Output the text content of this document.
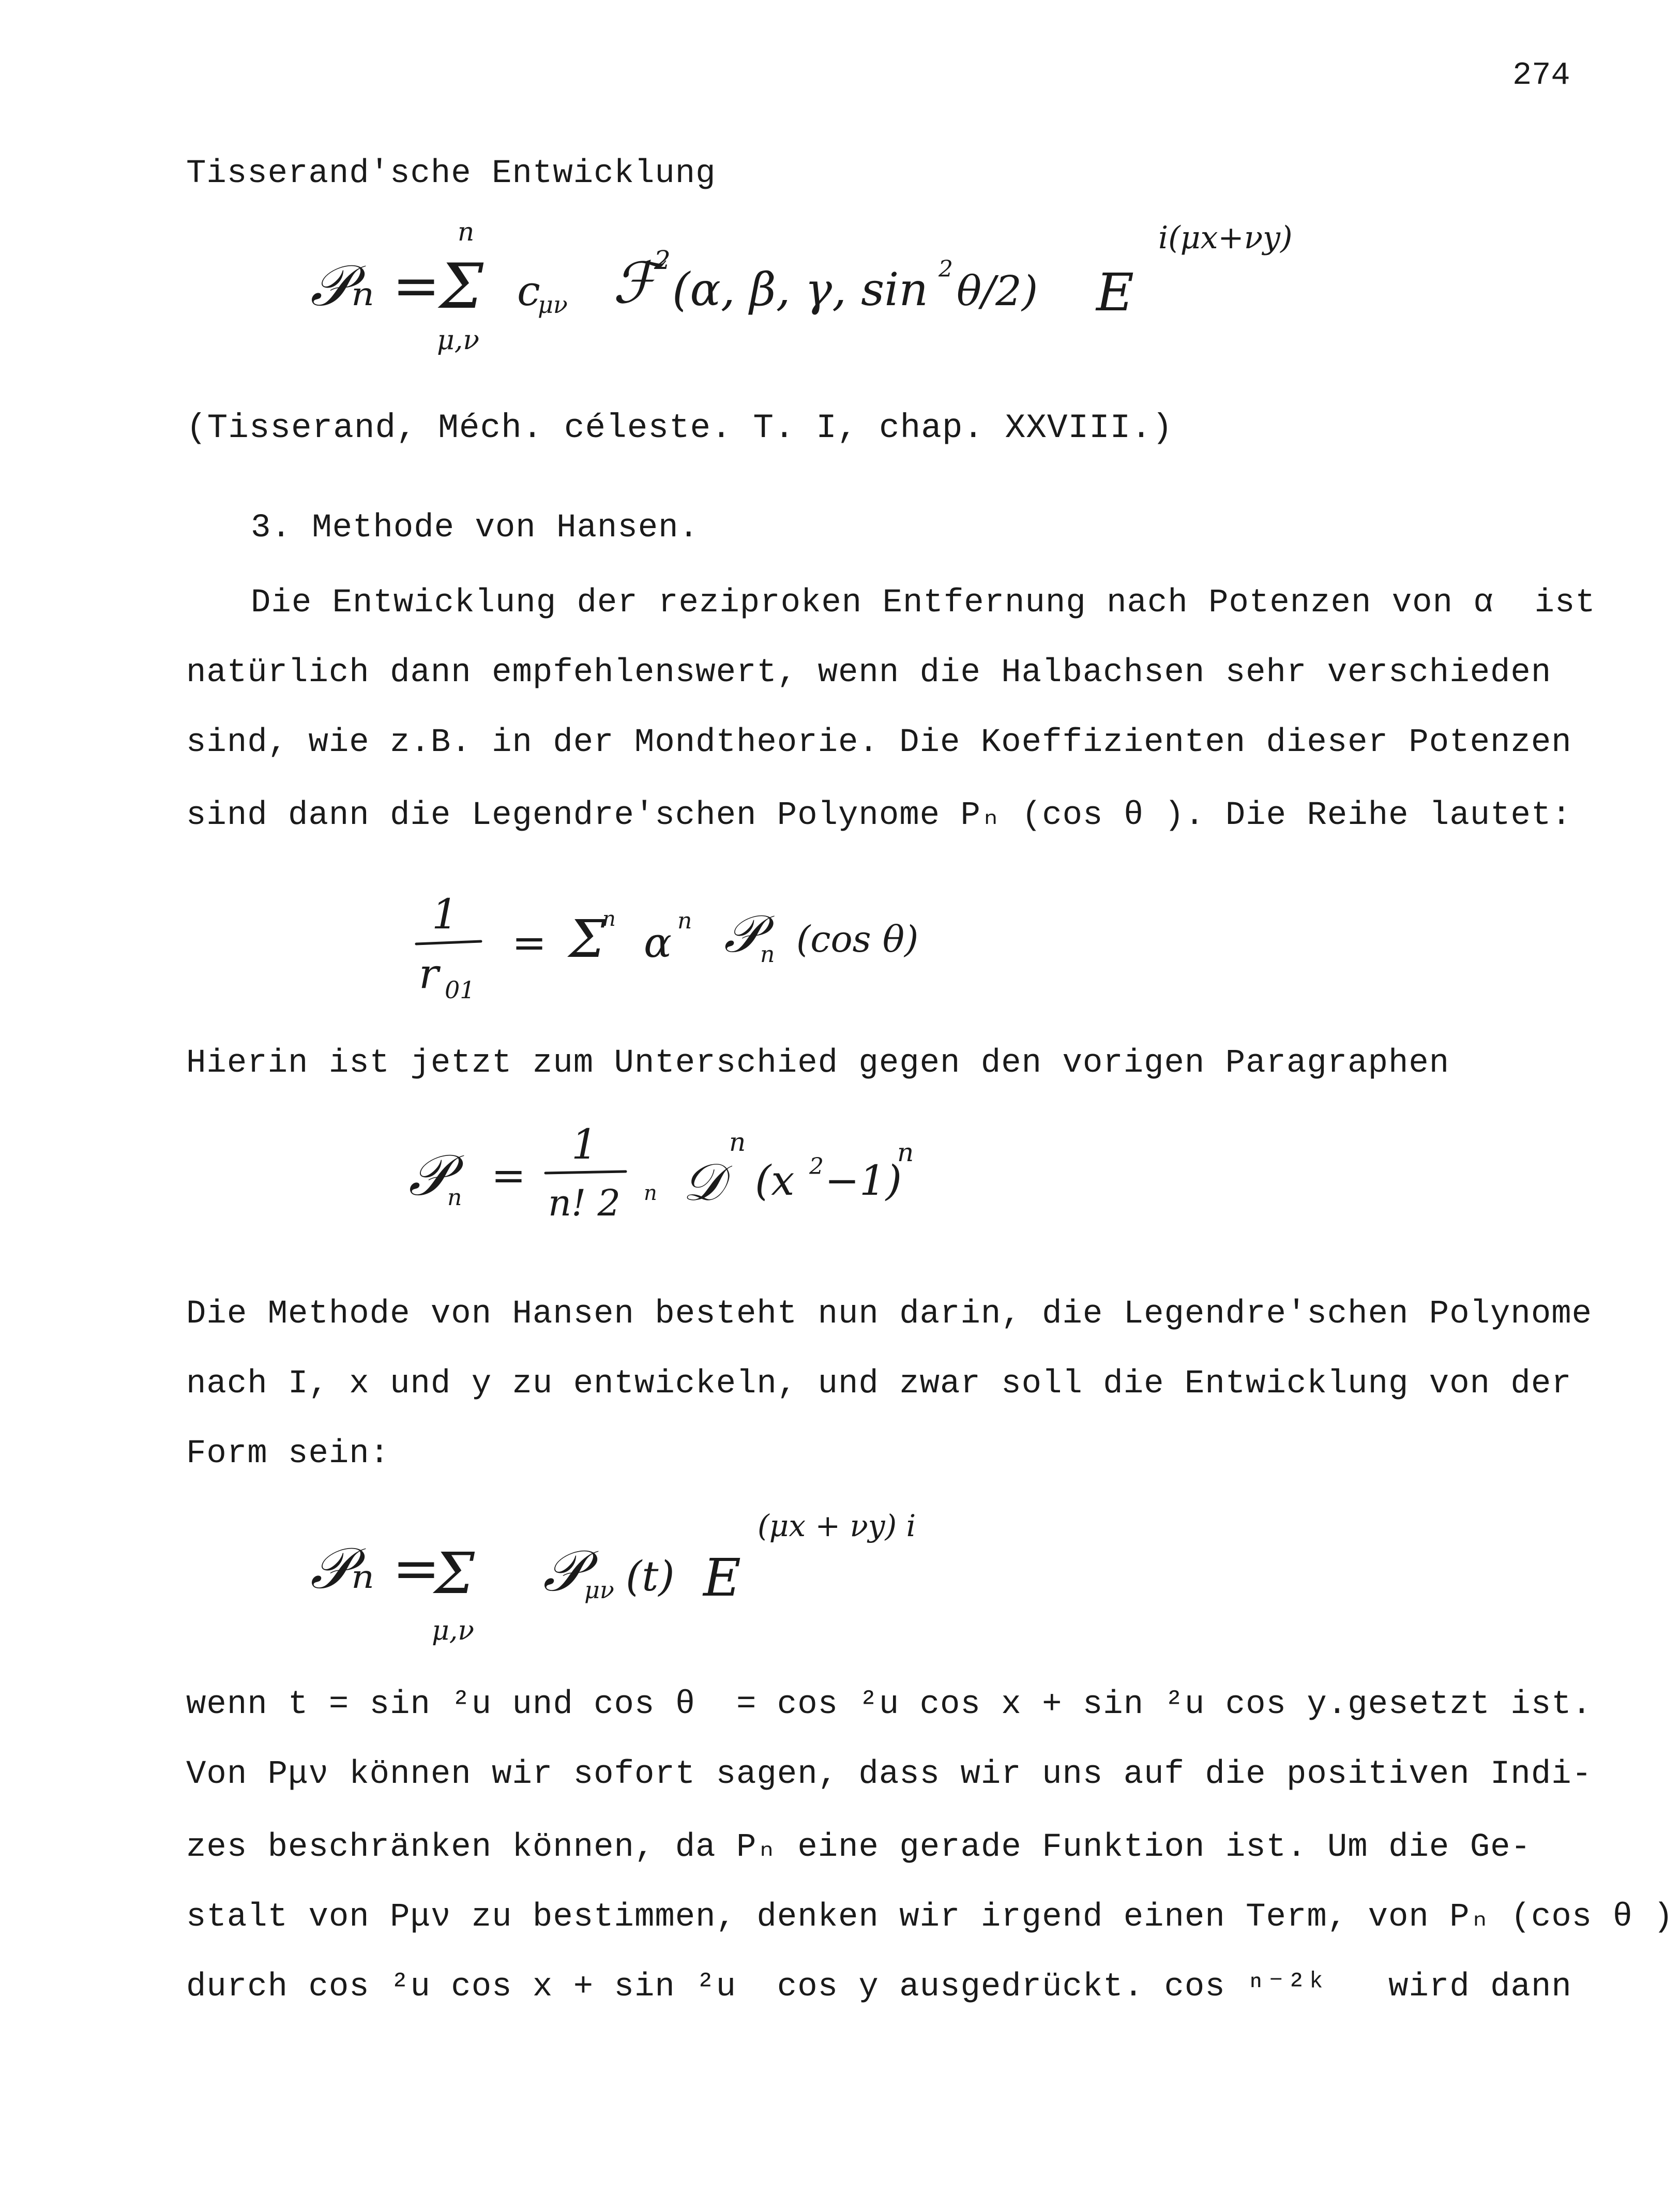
274
Tisserand'sche Entwicklung
𝒫ₙ =
Σ
n
μ,ν
c
μν ℱ
2
(α, β, γ, sin 2 θ/2) E
i(μx+νy)
(Tisserand, Méch. céleste. T. I, chap. XXVIII.)
3. Methode von Hansen.
Die Entwicklung der reziproken Entfernung nach Potenzen von α  ist
natürlich dann empfehlenswert, wenn die Halbachsen sehr verschieden
sind, wie z.B. in der Mondtheorie. Die Koeffizienten dieser Potenzen
sind dann die Legendre'schen Polynome Pₙ (cos θ ). Die Reihe lautet:
1
r 01
= Σ
n α n 𝒫
n (cos θ)
Hierin ist jetzt zum Unterschied gegen den vorigen Paragraphen
𝒫
n =
1
n! 2 n 𝒟
n
(x 2 −1)
n
Die Methode von Hansen besteht nun darin, die Legendre'schen Polynome
nach I, x und y zu entwickeln, und zwar soll die Entwicklung von der
Form sein:
𝒫ₙ =
Σ
μ,ν
𝒫 μν (t) E
(μx + νy) i
wenn t = sin ²u und cos θ  = cos ²u cos x + sin ²u cos y.gesetzt ist.
Von Pμν können wir sofort sagen, dass wir uns auf die positiven Indi-
zes beschränken können, da Pₙ eine gerade Funktion ist. Um die Ge-
stalt von Pμν zu bestimmen, denken wir irgend einen Term, von Pₙ (cos θ )
durch cos ²u cos x + sin ²u  cos y ausgedrückt. cos ⁿ⁻²ᵏ   wird dann
